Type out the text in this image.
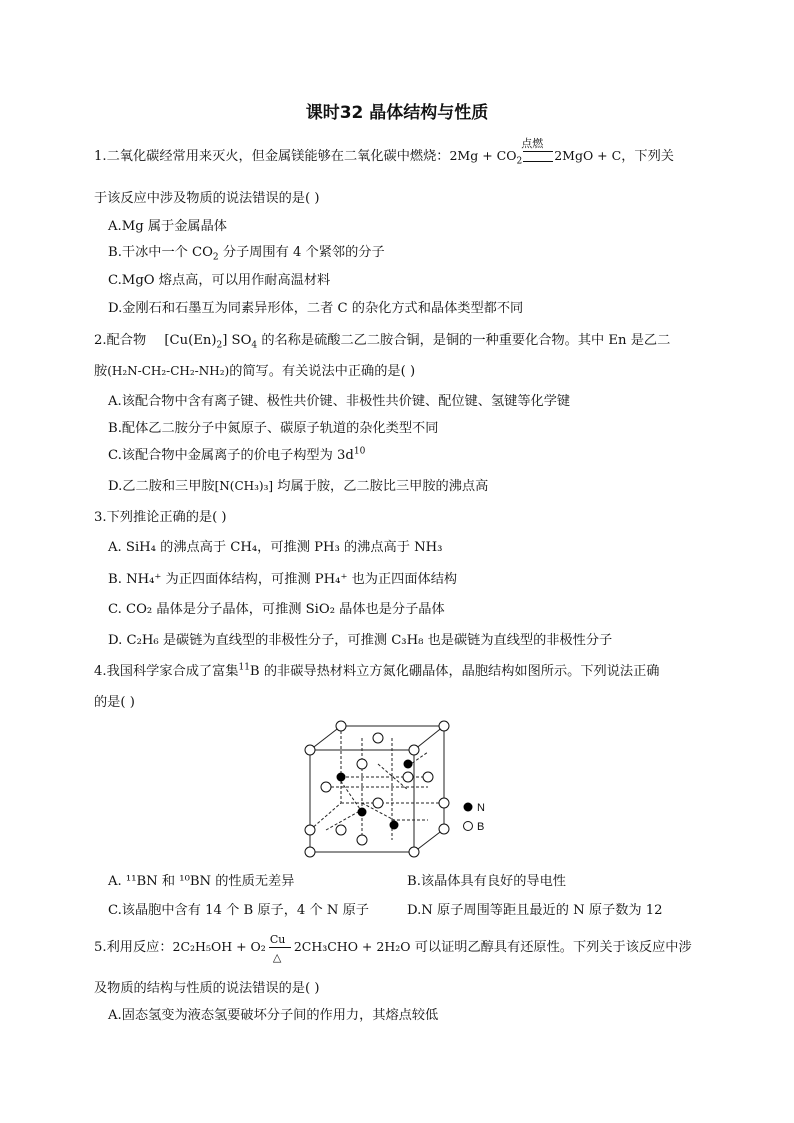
课时32 晶体结构与性质
1.二氧化碳经常用来灭火，但金属镁能够在二氧化碳中燃烧：$2Mg + CO_2$
点燃
2MgO + C，下列关
于该反应中涉及物质的说法错误的是( )
A.Mg 属于金属晶体
B.干冰中一个 $CO_2$ 分子周围有 4 个紧邻的分子
C.MgO 熔点高，可以用作耐高温材料
D.金刚石和石墨互为同素异形体，二者 C 的杂化方式和晶体类型都不同
2.配合物 $[Cu(En)_2]$ $SO_4$ 的名称是硫酸二乙二胺合铜，是铜的一种重要化合物。其中 En 是乙二
胺(H₂N-CH₂-CH₂-NH₂)的简写。有关说法中正确的是( )
A.该配合物中含有离子键、极性共价键、非极性共价键、配位键、氢键等化学键
B.配体乙二胺分子中氮原子、碳原子轨道的杂化类型不同
C.该配合物中金属离子的价电子构型为 $3d^{10}$
D.乙二胺和三甲胺[N(CH₃)₃] 均属于胺，乙二胺比三甲胺的沸点高
3.下列推论正确的是( )
A. SiH₄ 的沸点高于 CH₄，可推测 PH₃ 的沸点高于 NH₃
B. NH₄⁺ 为正四面体结构，可推测 PH₄⁺ 也为正四面体结构
C. CO₂ 晶体是分子晶体，可推测 SiO₂ 晶体也是分子晶体
D. C₂H₆ 是碳链为直线型的非极性分子，可推测 C₃H₈ 也是碳链为直线型的非极性分子
4.我国科学家合成了富集$^{11}$B 的非碳导热材料立方氮化硼晶体，晶胞结构如图所示。下列说法正确
的是( )
N
B
A. ¹¹BN 和 ¹⁰BN 的性质无差异	B.该晶体具有良好的导电性
C.该晶胞中含有 14 个 B 原子，4 个 N 原子	D.N 原子周围等距且最近的 N 原子数为 12
5.利用反应：2C₂H₅OH + O₂ Cu
△
2CH₃CHO + 2H₂O 可以证明乙醇具有还原性。下列关于该反应中涉
及物质的结构与性质的说法错误的是( )
A.固态氢变为液态氢要破坏分子间的作用力，其熔点较低
